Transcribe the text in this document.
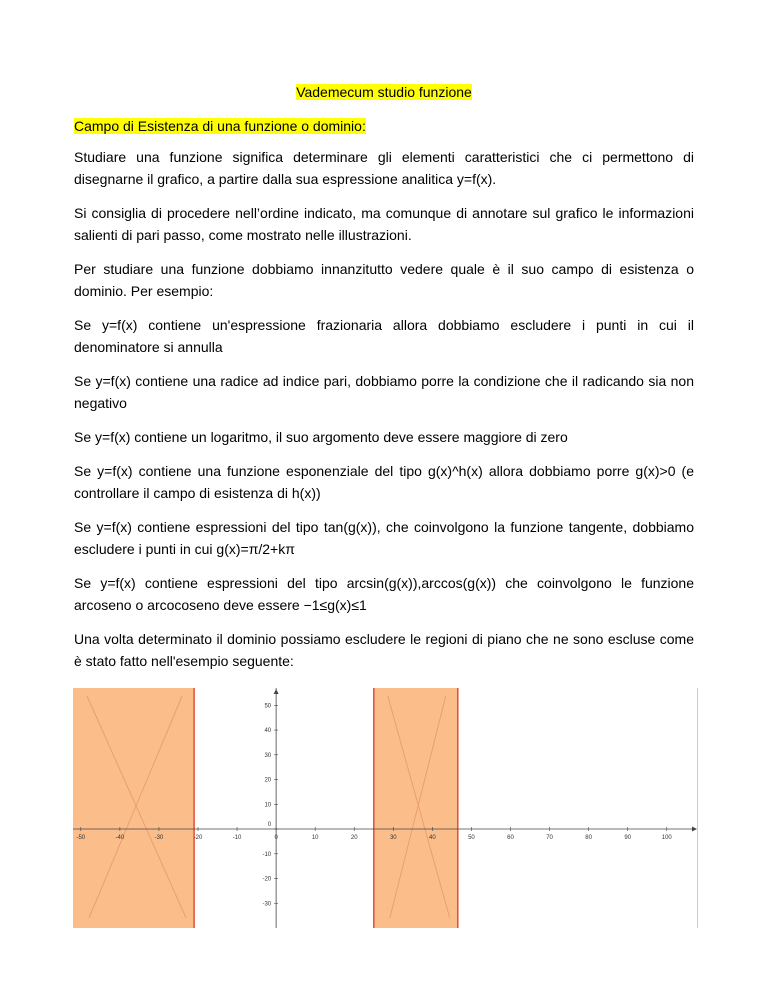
Vademecum studio funzione
Campo di Esistenza di una funzione o dominio:

Studiare una funzione significa determinare gli elementi caratteristici che ci permettono di disegnarne il grafico, a partire dalla sua espressione analitica y=f(x).

Si consiglia di procedere nell’ordine indicato, ma comunque di annotare sul grafico le informazioni salienti di pari passo, come mostrato nelle illustrazioni.

Per studiare una funzione dobbiamo innanzitutto vedere quale è il suo campo di esistenza o dominio. Per esempio:

Se y=f(x) contiene un'espressione frazionaria allora dobbiamo escludere i punti in cui il denominatore si annulla

Se y=f(x) contiene una radice ad indice pari, dobbiamo porre la condizione che il radicando sia non negativo

Se y=f(x) contiene un logaritmo, il suo argomento deve essere maggiore di zero

Se y=f(x) contiene una funzione esponenziale del tipo g(x)^h(x) allora dobbiamo porre g(x)>0 (e controllare il campo di esistenza di h(x))

Se y=f(x) contiene espressioni del tipo tan(g(x)), che coinvolgono la funzione tangente, dobbiamo escludere i punti in cui g(x)=π/2+kπ

Se y=f(x) contiene espressioni del tipo arcsin(g(x)),arccos(g(x)) che coinvolgono le funzione arcoseno o arcocoseno deve essere −1≤g(x)≤1

Una volta determinato il dominio possiamo escludere le regioni di piano che ne sono escluse come è stato fatto nell'esempio seguente:

-50	-40	-30	-20	-10	0	10	20	30	40	50	60	70	80	90	100
50
40
30
20
10
0
-10
-20
-30
